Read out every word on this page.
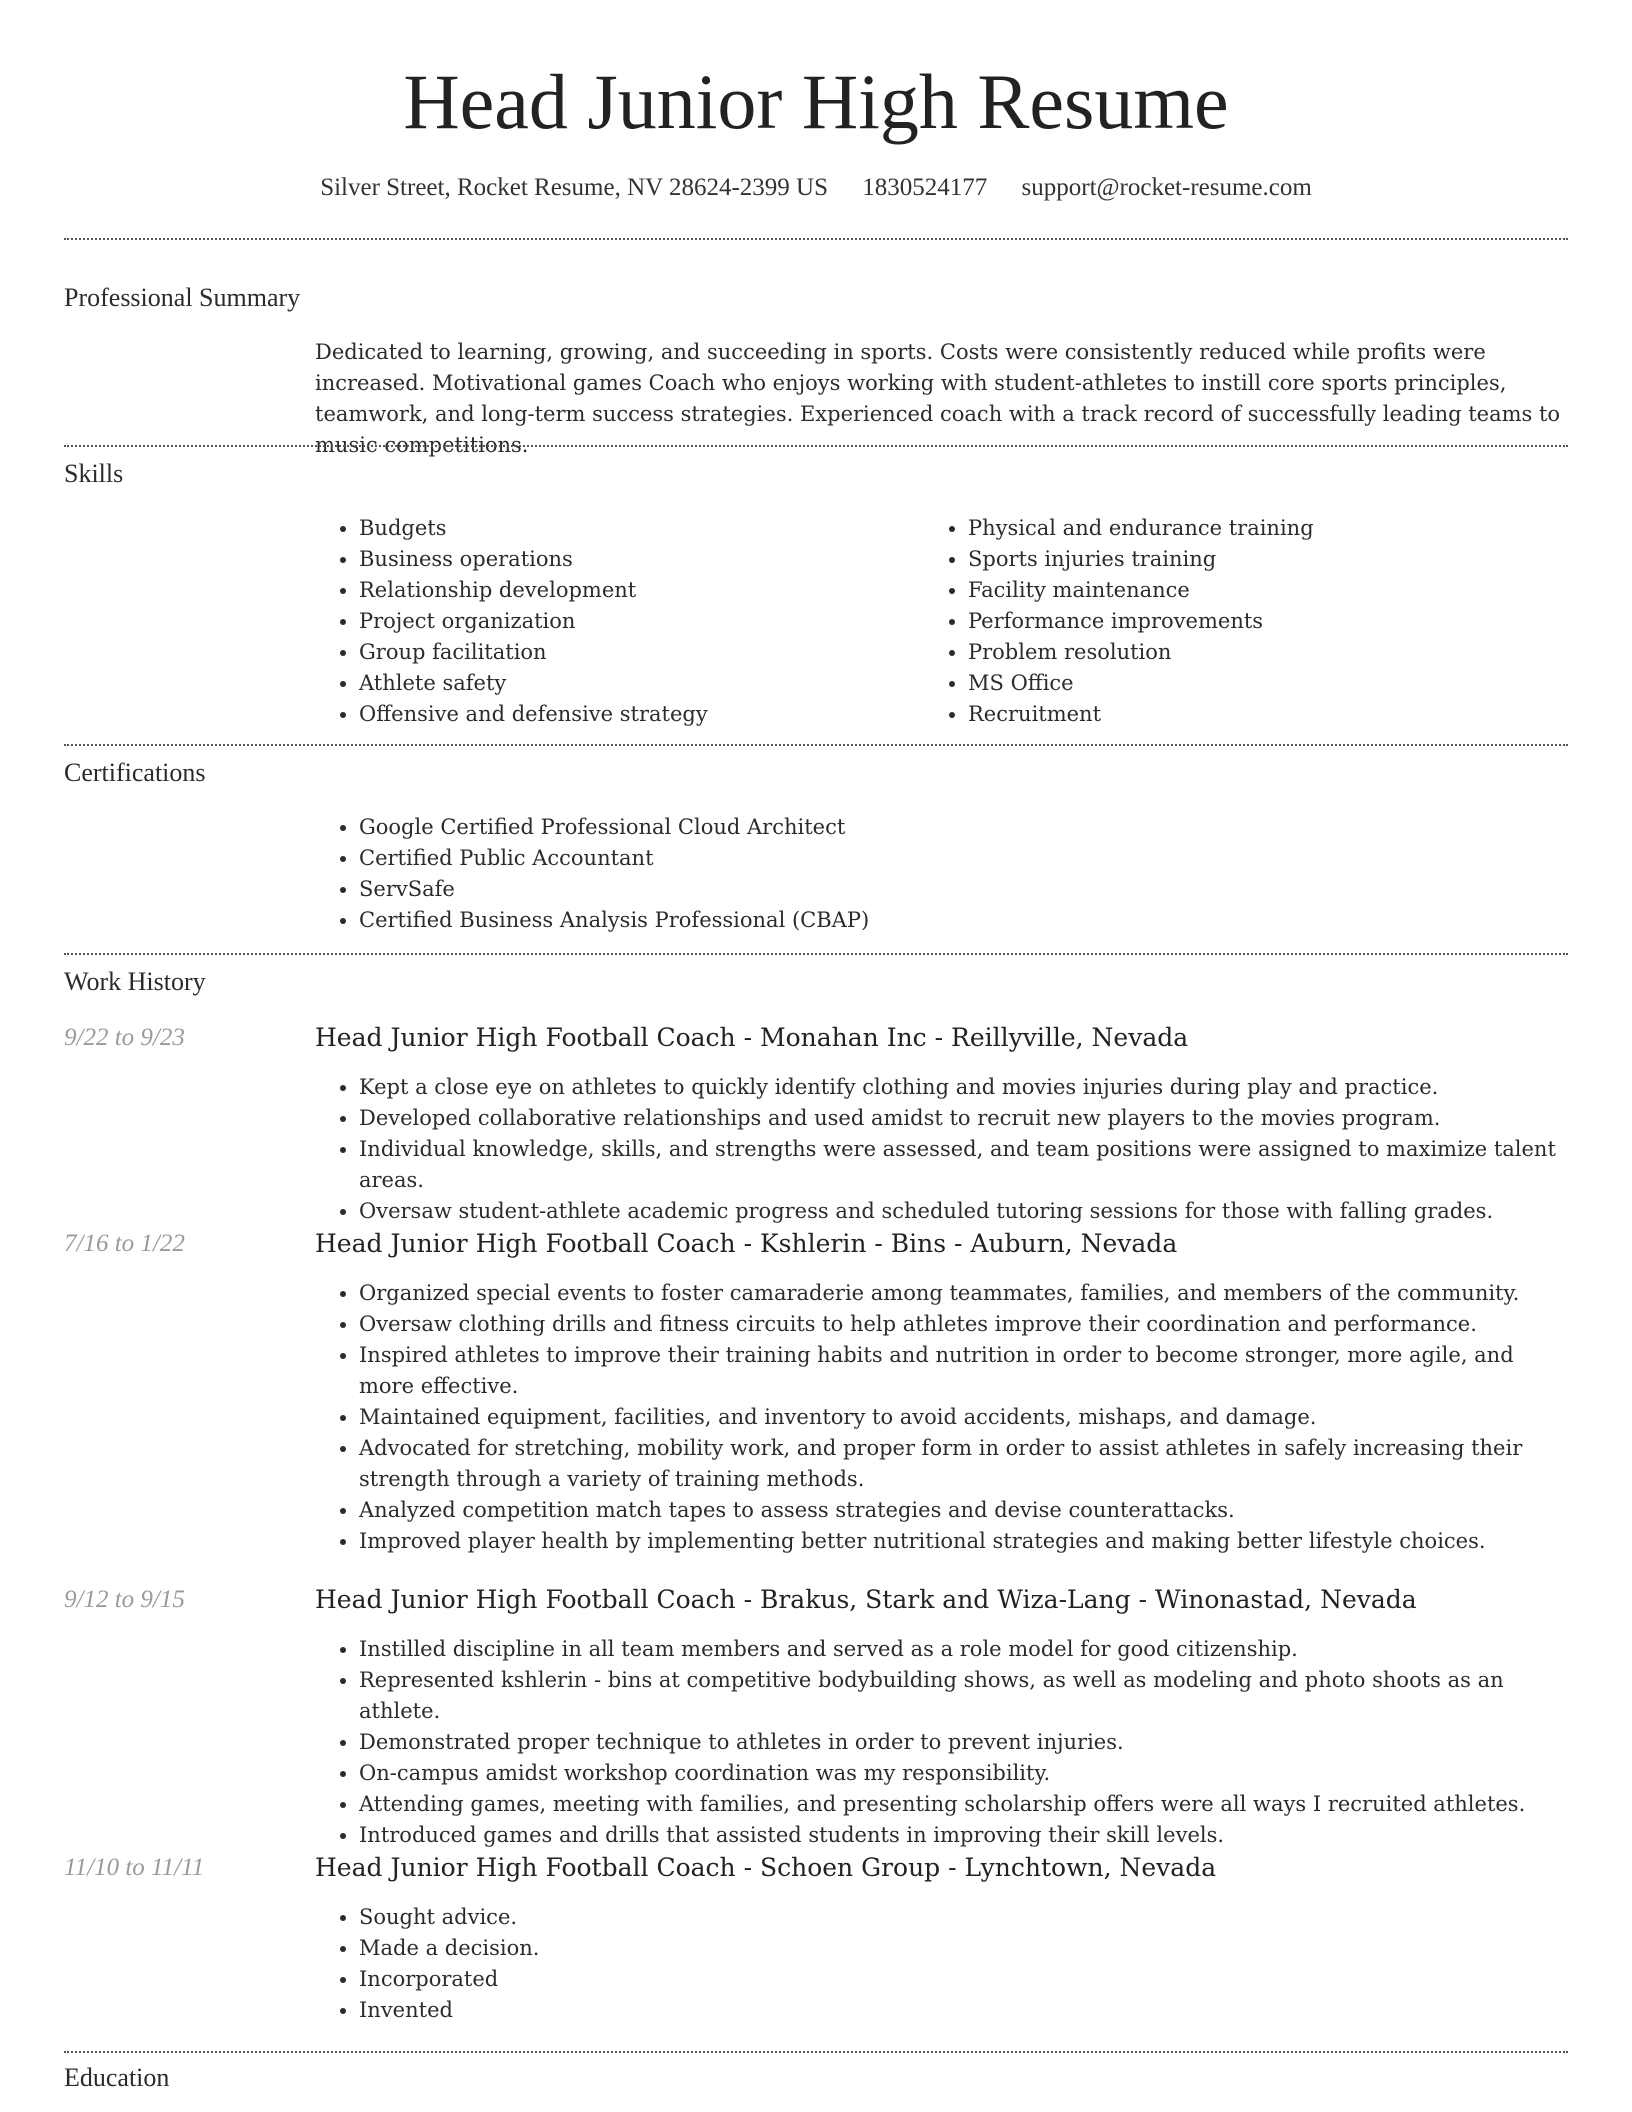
Head Junior High Resume
Silver Street, Rocket Resume, NV 28624-2399 US 1830524177 support@rocket-resume.com
Professional Summary
Dedicated to learning, growing, and succeeding in sports. Costs were consistently reduced while profits were increased. Motivational games Coach who enjoys working with student-athletes to instill core sports principles, teamwork, and long-term success strategies. Experienced coach with a track record of successfully leading teams to music competitions.
Skills
• Budgets
• Business operations
• Relationship development
• Project organization
• Group facilitation
• Athlete safety
• Offensive and defensive strategy
• Physical and endurance training
• Sports injuries training
• Facility maintenance
• Performance improvements
• Problem resolution
• MS Office
• Recruitment
Certifications
• Google Certified Professional Cloud Architect
• Certified Public Accountant
• ServSafe
• Certified Business Analysis Professional (CBAP)
Work History
9/22 to 9/23	Head Junior High Football Coach - Monahan Inc - Reillyville, Nevada
• Kept a close eye on athletes to quickly identify clothing and movies injuries during play and practice.
• Developed collaborative relationships and used amidst to recruit new players to the movies program.
• Individual knowledge, skills, and strengths were assessed, and team positions were assigned to maximize talent areas.
• Oversaw student-athlete academic progress and scheduled tutoring sessions for those with falling grades.
7/16 to 1/22	Head Junior High Football Coach - Kshlerin - Bins - Auburn, Nevada
• Organized special events to foster camaraderie among teammates, families, and members of the community.
• Oversaw clothing drills and fitness circuits to help athletes improve their coordination and performance.
• Inspired athletes to improve their training habits and nutrition in order to become stronger, more agile, and more effective.
• Maintained equipment, facilities, and inventory to avoid accidents, mishaps, and damage.
• Advocated for stretching, mobility work, and proper form in order to assist athletes in safely increasing their strength through a variety of training methods.
• Analyzed competition match tapes to assess strategies and devise counterattacks.
• Improved player health by implementing better nutritional strategies and making better lifestyle choices.
9/12 to 9/15	Head Junior High Football Coach - Brakus, Stark and Wiza-Lang - Winonastad, Nevada
• Instilled discipline in all team members and served as a role model for good citizenship.
• Represented kshlerin - bins at competitive bodybuilding shows, as well as modeling and photo shoots as an athlete.
• Demonstrated proper technique to athletes in order to prevent injuries.
• On-campus amidst workshop coordination was my responsibility.
• Attending games, meeting with families, and presenting scholarship offers were all ways I recruited athletes.
• Introduced games and drills that assisted students in improving their skill levels.
11/10 to 11/11	Head Junior High Football Coach - Schoen Group - Lynchtown, Nevada
• Sought advice.
• Made a decision.
• Incorporated
• Invented
Education
